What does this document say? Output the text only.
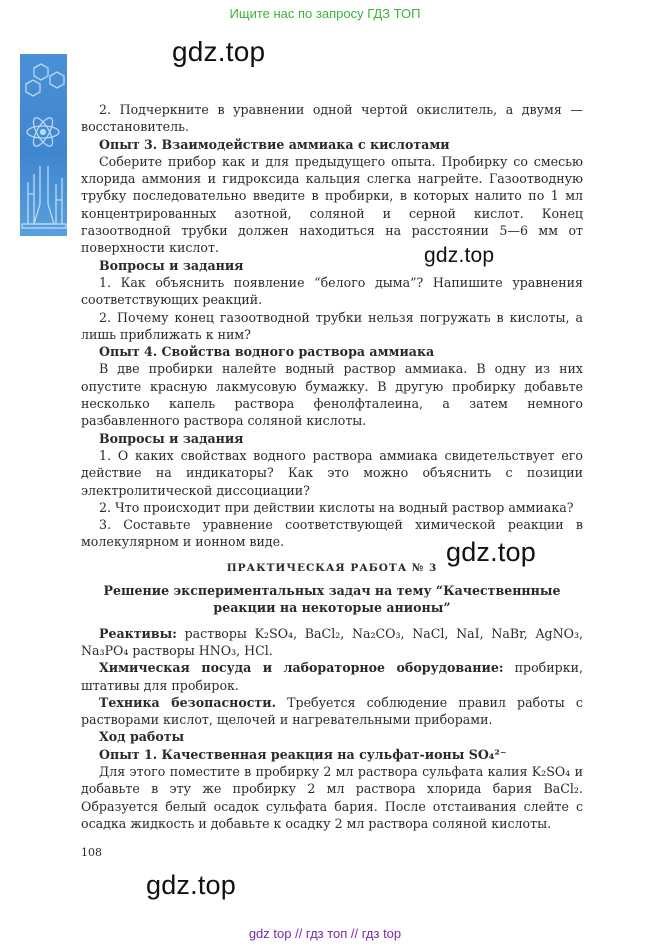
Ищите нас по запросу ГДЗ ТОП
gdz.top
gdz.top
gdz.top
gdz.top

2. Подчеркните в уравнении одной чертой окислитель, а двумя — восстановитель.

Опыт 3. Взаимодействие аммиака с кислотами

Соберите прибор как и для предыдущего опыта. Пробирку со смесью хлорида аммония и гидроксида кальция слегка нагрейте. Газоотводную трубку последовательно введите в пробирки, в которых налито по 1 мл концентрированных азотной, соляной и серной кислот. Конец газоотводной трубки должен находиться на расстоянии 5—6 мм от поверхности кислот.

Вопросы и задания

1. Как объяснить появление “белого дыма”? Напишите уравнения соответствующих реакций.

2. Почему конец газоотводной трубки нельзя погружать в кислоты, а лишь приближать к ним?

Опыт 4. Свойства водного раствора аммиака

В две пробирки налейте водный раствор аммиака. В одну из них опустите красную лакмусовую бумажку. В другую пробирку добавьте несколько капель раствора фенолфталеина, а затем немного разбавленного раствора соляной кислоты.

Вопросы и задания

1. О каких свойствах водного раствора аммиака свидетельствует его действие на индикаторы? Как это можно объяснить с позиции электролитической диссоциации?

2. Что происходит при действии кислоты на водный раствор аммиака?

3. Составьте уравнение соответствующей химической реакции в молекулярном и ионном виде.

ПРАКТИЧЕСКАЯ РАБОТА № 3

Решение экспериментальных задач на тему “Качественнные реакции на некоторые анионы”

Реактивы: растворы K₂SO₄, BaCl₂, Na₂CO₃, NaCl, NaI, NaBr, AgNO₃, Na₃PO₄ растворы HNO₃, HCl.

Химическая посуда и лабораторное оборудование: пробирки, штативы для пробирок.

Техника безопасности. Требуется соблюдение правил работы с растворами кислот, щелочей и нагревательными приборами.

Ход работы

Опыт 1. Качественная реакция на сульфат-ионы SO₄²⁻

Для этого поместите в пробирку 2 мл раствора сульфата калия K₂SO₄ и добавьте в эту же пробирку 2 мл раствора хлорида бария BaCl₂. Образуется белый осадок сульфата бария. После отстаивания слейте с осадка жидкость и добавьте к осадку 2 мл раствора соляной кислоты.

108
gdz top // гдз топ // гдз top
